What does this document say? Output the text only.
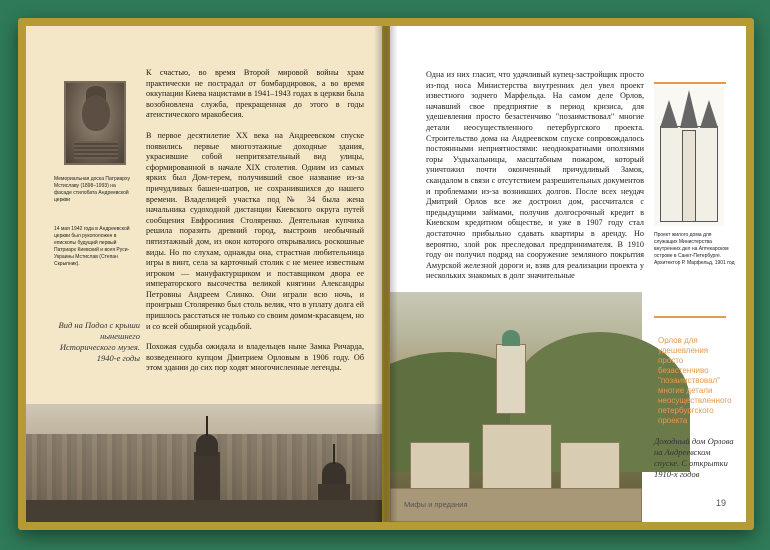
Мемориальная доска Патриарху Мстиславу (1898–1993) на фасаде стилобата Андреевской церкви
14 мая 1942 года в Андреевской церкви был рукоположен в епископы будущий первый Патриарх Киевский и всея Руси-Украины Мстислав (Степан Скрыпник).
Вид на Подол с крыши нынешнего Исторического музея. 1940-е годы

К счастью, во время Второй мировой войны храм практически не пострадал от бомбардировок, а во время оккупации Киева нацистами в 1941–1943 годах в церкви была возобновлена служба, прекращенная до этого в годы атеистического мракобесия.

В первое десятилетие ХХ века на Андреевском спуске появились первые многоэтажные доходные здания, украсившие собой непритязательный вид улицы, сформированной в начале XIX столетия. Одним из самых ярких был Дом-терем, получивший свое название из-за причудливых башен-шатров, не сохранившихся до нашего времени. Владелицей участка под № 34 была жена начальника судоходной дистанции Киевского округа путей сообщения Евфросиния Столяренко. Деятельная купчиха решила поразить древний город, выстроив необычный пятиэтажный дом, из окон которого открывались роскошные виды. Но по слухам, однажды она, страстная любительница игры в винт, села за карточный столик с не менее известным игроком — мануфактурщиком и поставщиком двора ее императорского высочества великой княгини Александры Петровны Андреем Слинко. Они играли всю ночь, и проигрыш Столяренко был столь велик, что в уплату долга ей пришлось расстаться не только со своим домом-красавцем, но и со всей обширной усадьбой.

Похожая судьба ожидала и владельцев ныне Замка Ричарда, возведенного купцом Дмитрием Орловым в 1906 году. Об этом здании до сих пор ходят многочисленные легенды.

Одна из них гласит, что удачливый купец-застройщик просто из-под носа Министерства внутренних дел увел проект известного зодчего Марфельда. На самом деле Орлов, начавший свое предприятие в период кризиса, для удешевления просто безастенчиво "позаимствовал" многие детали неосуществленного петербургского проекта. Строительство дома на Андреевском спуске сопровождалось постоянными неприятностями: неоднократными оползнями горы Уздыхальницы, масштабным пожаром, который уничтожил почти оконченный причудливый Замок, скандалом в связи с отсутствием разрешительных документов и проблемами из-за возникших долгов. После всех неудач Дмитрий Орлов все же достроил дом, рассчитался с предыдущими займами, получив долгосрочный кредит в Киевском кредитном обществе, и уже в 1907 году стал достаточно прибыльно сдавать квартиры в аренду. Но вероятно, злой рок преследовал предпринимателя. В 1910 году он получил подряд на сооружение земляного покрытия Амурской железной дороги и, взяв для реализации проекта у нескольких знакомых в долг значительные
Проект жилого дома для служащих Министерства внутренних дел на Аптекарском острове в Санкт-Петербурге. Архитектор Р. Марфельд, 1901 год
Орлов для удешевления просто безастенчиво "позаимствовал" многие детали неосуществленного петербургского проекта
Доходный дом Орлова на Андреевском спуске. С открытки 1910-х годов
Мифы и предания	19
